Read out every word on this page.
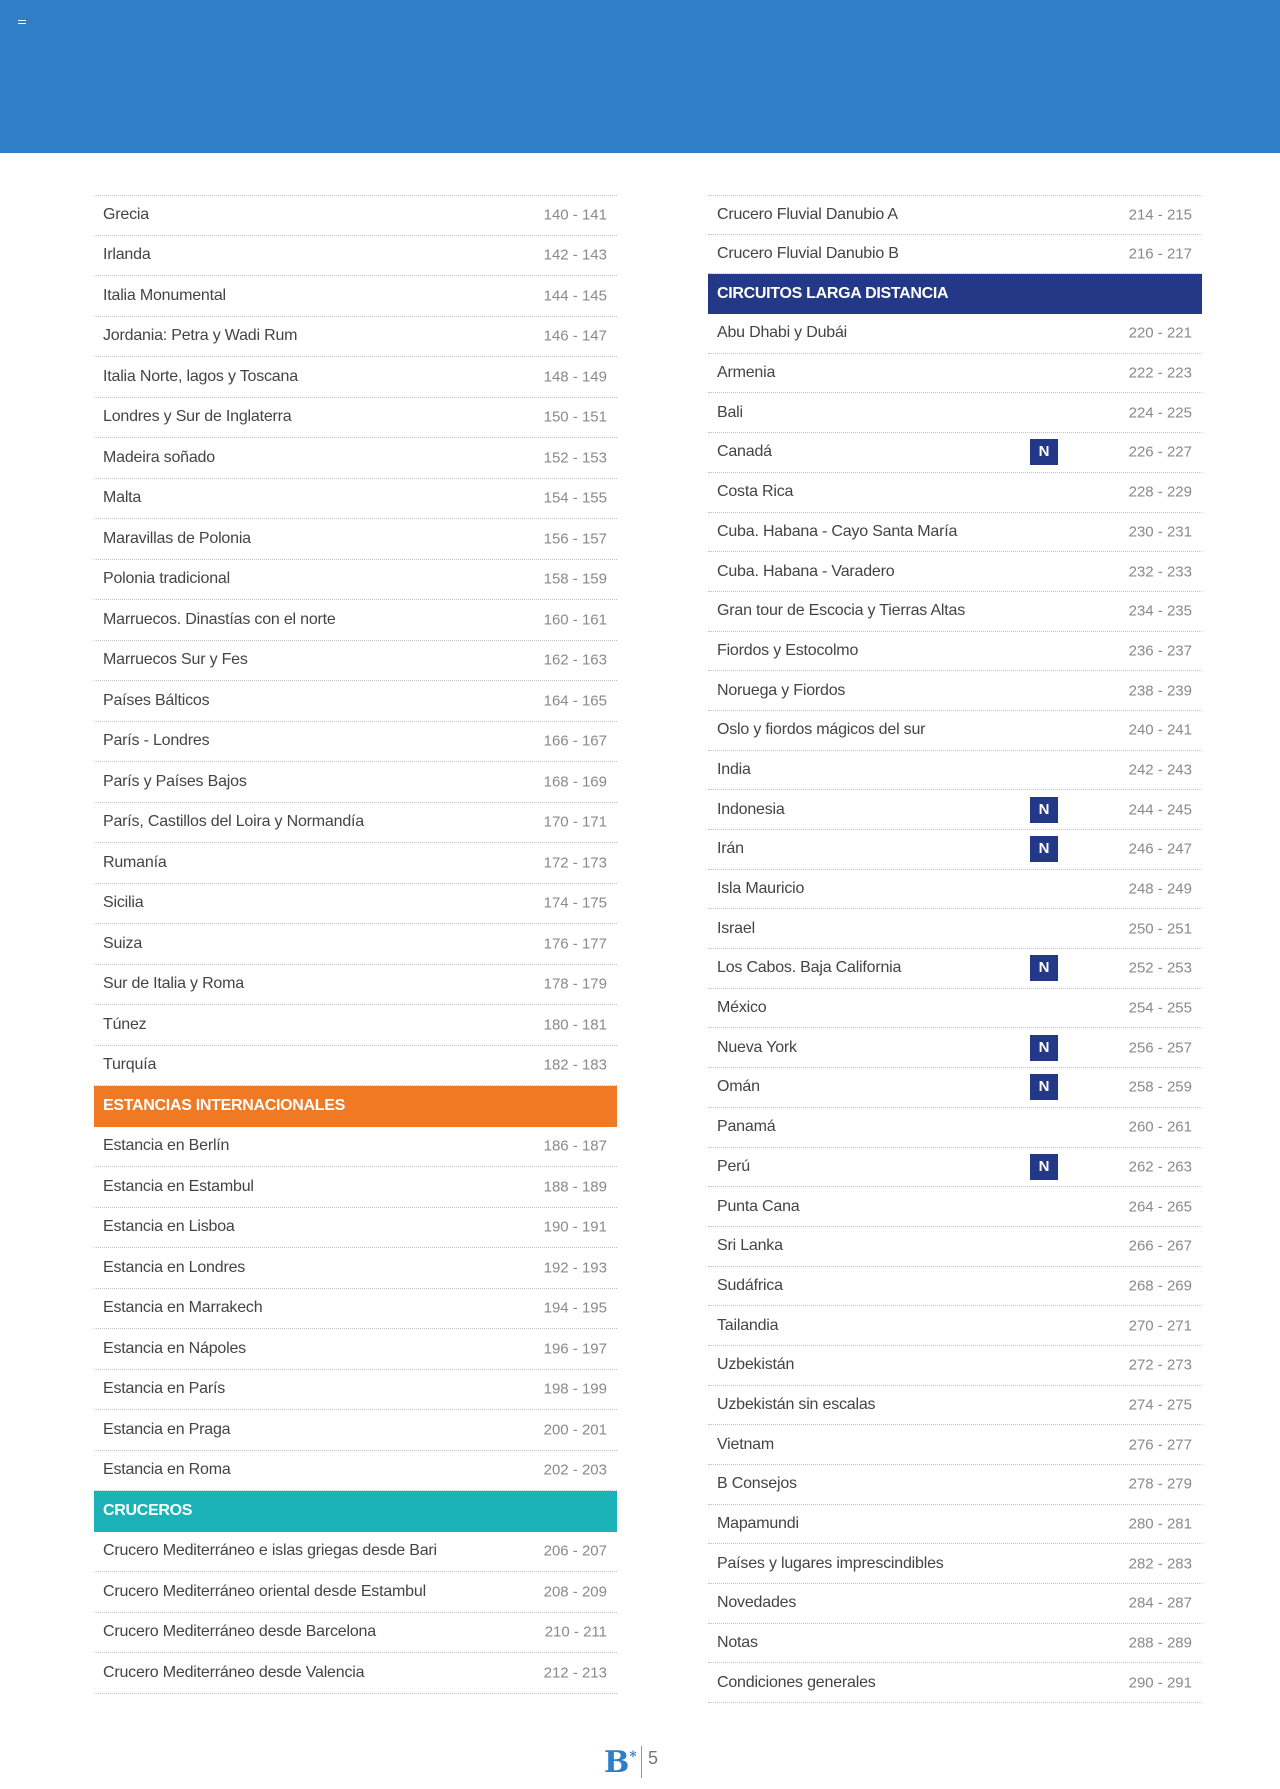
Grecia	140 - 141
Irlanda	142 - 143
Italia Monumental	144 - 145
Jordania: Petra y Wadi Rum	146 - 147
Italia Norte, lagos y Toscana	148 - 149
Londres y Sur de Inglaterra	150 - 151
Madeira soñado	152 - 153
Malta	154 - 155
Maravillas de Polonia	156 - 157
Polonia tradicional	158 - 159
Marruecos. Dinastías con el norte	160 - 161
Marruecos Sur y Fes	162 - 163
Países Bálticos	164 - 165
París - Londres	166 - 167
París y Países Bajos	168 - 169
París, Castillos del Loira y Normandía	170 - 171
Rumanía	172 - 173
Sicilia	174 - 175
Suiza	176 - 177
Sur de Italia y Roma	178 - 179
Túnez	180 - 181
Turquía	182 - 183
ESTANCIAS INTERNACIONALES
Estancia en Berlín	186 - 187
Estancia en Estambul	188 - 189
Estancia en Lisboa	190 - 191
Estancia en Londres	192 - 193
Estancia en Marrakech	194 - 195
Estancia en Nápoles	196 - 197
Estancia en París	198 - 199
Estancia en Praga	200 - 201
Estancia en Roma	202 - 203
CRUCEROS
Crucero Mediterráneo e islas griegas desde Bari	206 - 207
Crucero Mediterráneo oriental desde Estambul	208 - 209
Crucero Mediterráneo desde Barcelona	210 - 211
Crucero Mediterráneo desde Valencia	212 - 213
Crucero Fluvial Danubio A	214 - 215
Crucero Fluvial Danubio B	216 - 217
CIRCUITOS LARGA DISTANCIA
Abu Dhabi y Dubái	220 - 221
Armenia	222 - 223
Bali	224 - 225
Canadá	N	226 - 227
Costa Rica	228 - 229
Cuba. Habana - Cayo Santa María	230 - 231
Cuba. Habana - Varadero	232 - 233
Gran tour de Escocia y Tierras Altas	234 - 235
Fiordos y Estocolmo	236 - 237
Noruega y Fiordos	238 - 239
Oslo y fiordos mágicos del sur	240 - 241
India	242 - 243
Indonesia	N	244 - 245
Irán	N	246 - 247
Isla Mauricio	248 - 249
Israel	250 - 251
Los Cabos. Baja California	N	252 - 253
México	254 - 255
Nueva York	N	256 - 257
Omán	N	258 - 259
Panamá	260 - 261
Perú	N	262 - 263
Punta Cana	264 - 265
Sri Lanka	266 - 267
Sudáfrica	268 - 269
Tailandia	270 - 271
Uzbekistán	272 - 273
Uzbekistán sin escalas	274 - 275
Vietnam	276 - 277
B Consejos	278 - 279
Mapamundi	280 - 281
Países y lugares imprescindibles	282 - 283
Novedades	284 - 287
Notas	288 - 289
Condiciones generales	290 - 291
B* 5
